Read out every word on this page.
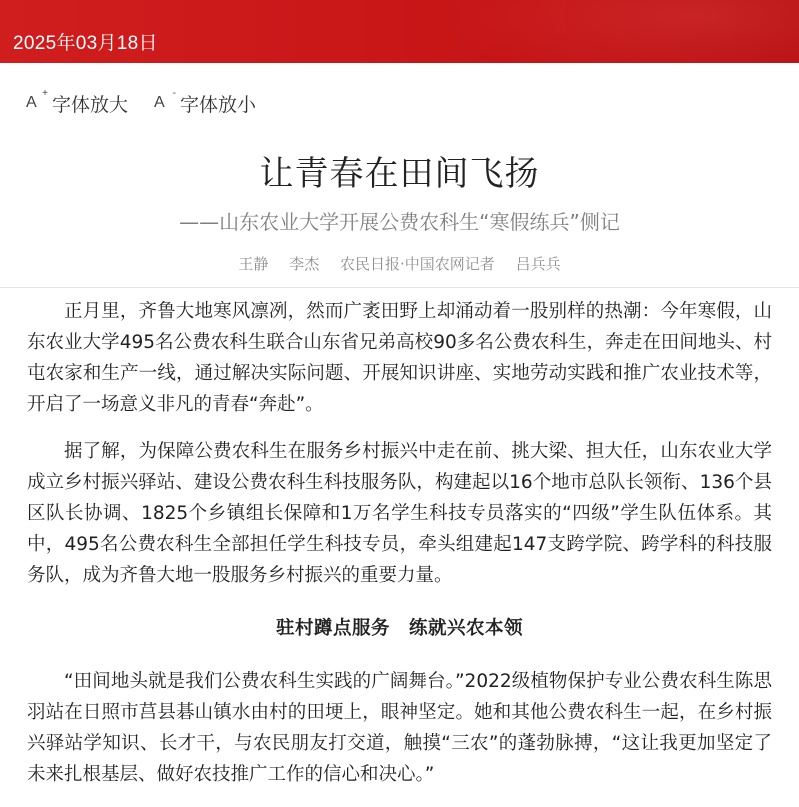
2025年03月18日
A
+ 字体放大 A
- 字体放小
让青春在田间飞扬
——山东农业大学开展公费农科生“寒假练兵”侧记
王静 李杰 农民日报·中国农网记者 吕兵兵

正月里，齐鲁大地寒风凛冽，然而广袤田野上却涌动着一股别样的热潮：今年寒假，山东农业大学495名公费农科生联合山东省兄弟高校90多名公费农科生，奔走在田间地头、村屯农家和生产一线，通过解决实际问题、开展知识讲座、实地劳动实践和推广农业技术等，开启了一场意义非凡的青春“奔赴”。

据了解，为保障公费农科生在服务乡村振兴中走在前、挑大梁、担大任，山东农业大学成立乡村振兴驿站、建设公费农科生科技服务队，构建起以16个地市总队长领衔、136个县区队长协调、1825个乡镇组长保障和1万名学生科技专员落实的“四级”学生队伍体系。其中，495名公费农科生全部担任学生科技专员，牵头组建起147支跨学院、跨学科的科技服务队，成为齐鲁大地一股服务乡村振兴的重要力量。

驻村蹲点服务　练就兴农本领

“田间地头就是我们公费农科生实践的广阔舞台。”2022级植物保护专业公费农科生陈思羽站在日照市莒县碁山镇水由村的田埂上，眼神坚定。她和其他公费农科生一起，在乡村振兴驿站学知识、长才干，与农民朋友打交道，触摸“三农”的蓬勃脉搏，“这让我更加坚定了未来扎根基层、做好农技推广工作的信心和决心。”
